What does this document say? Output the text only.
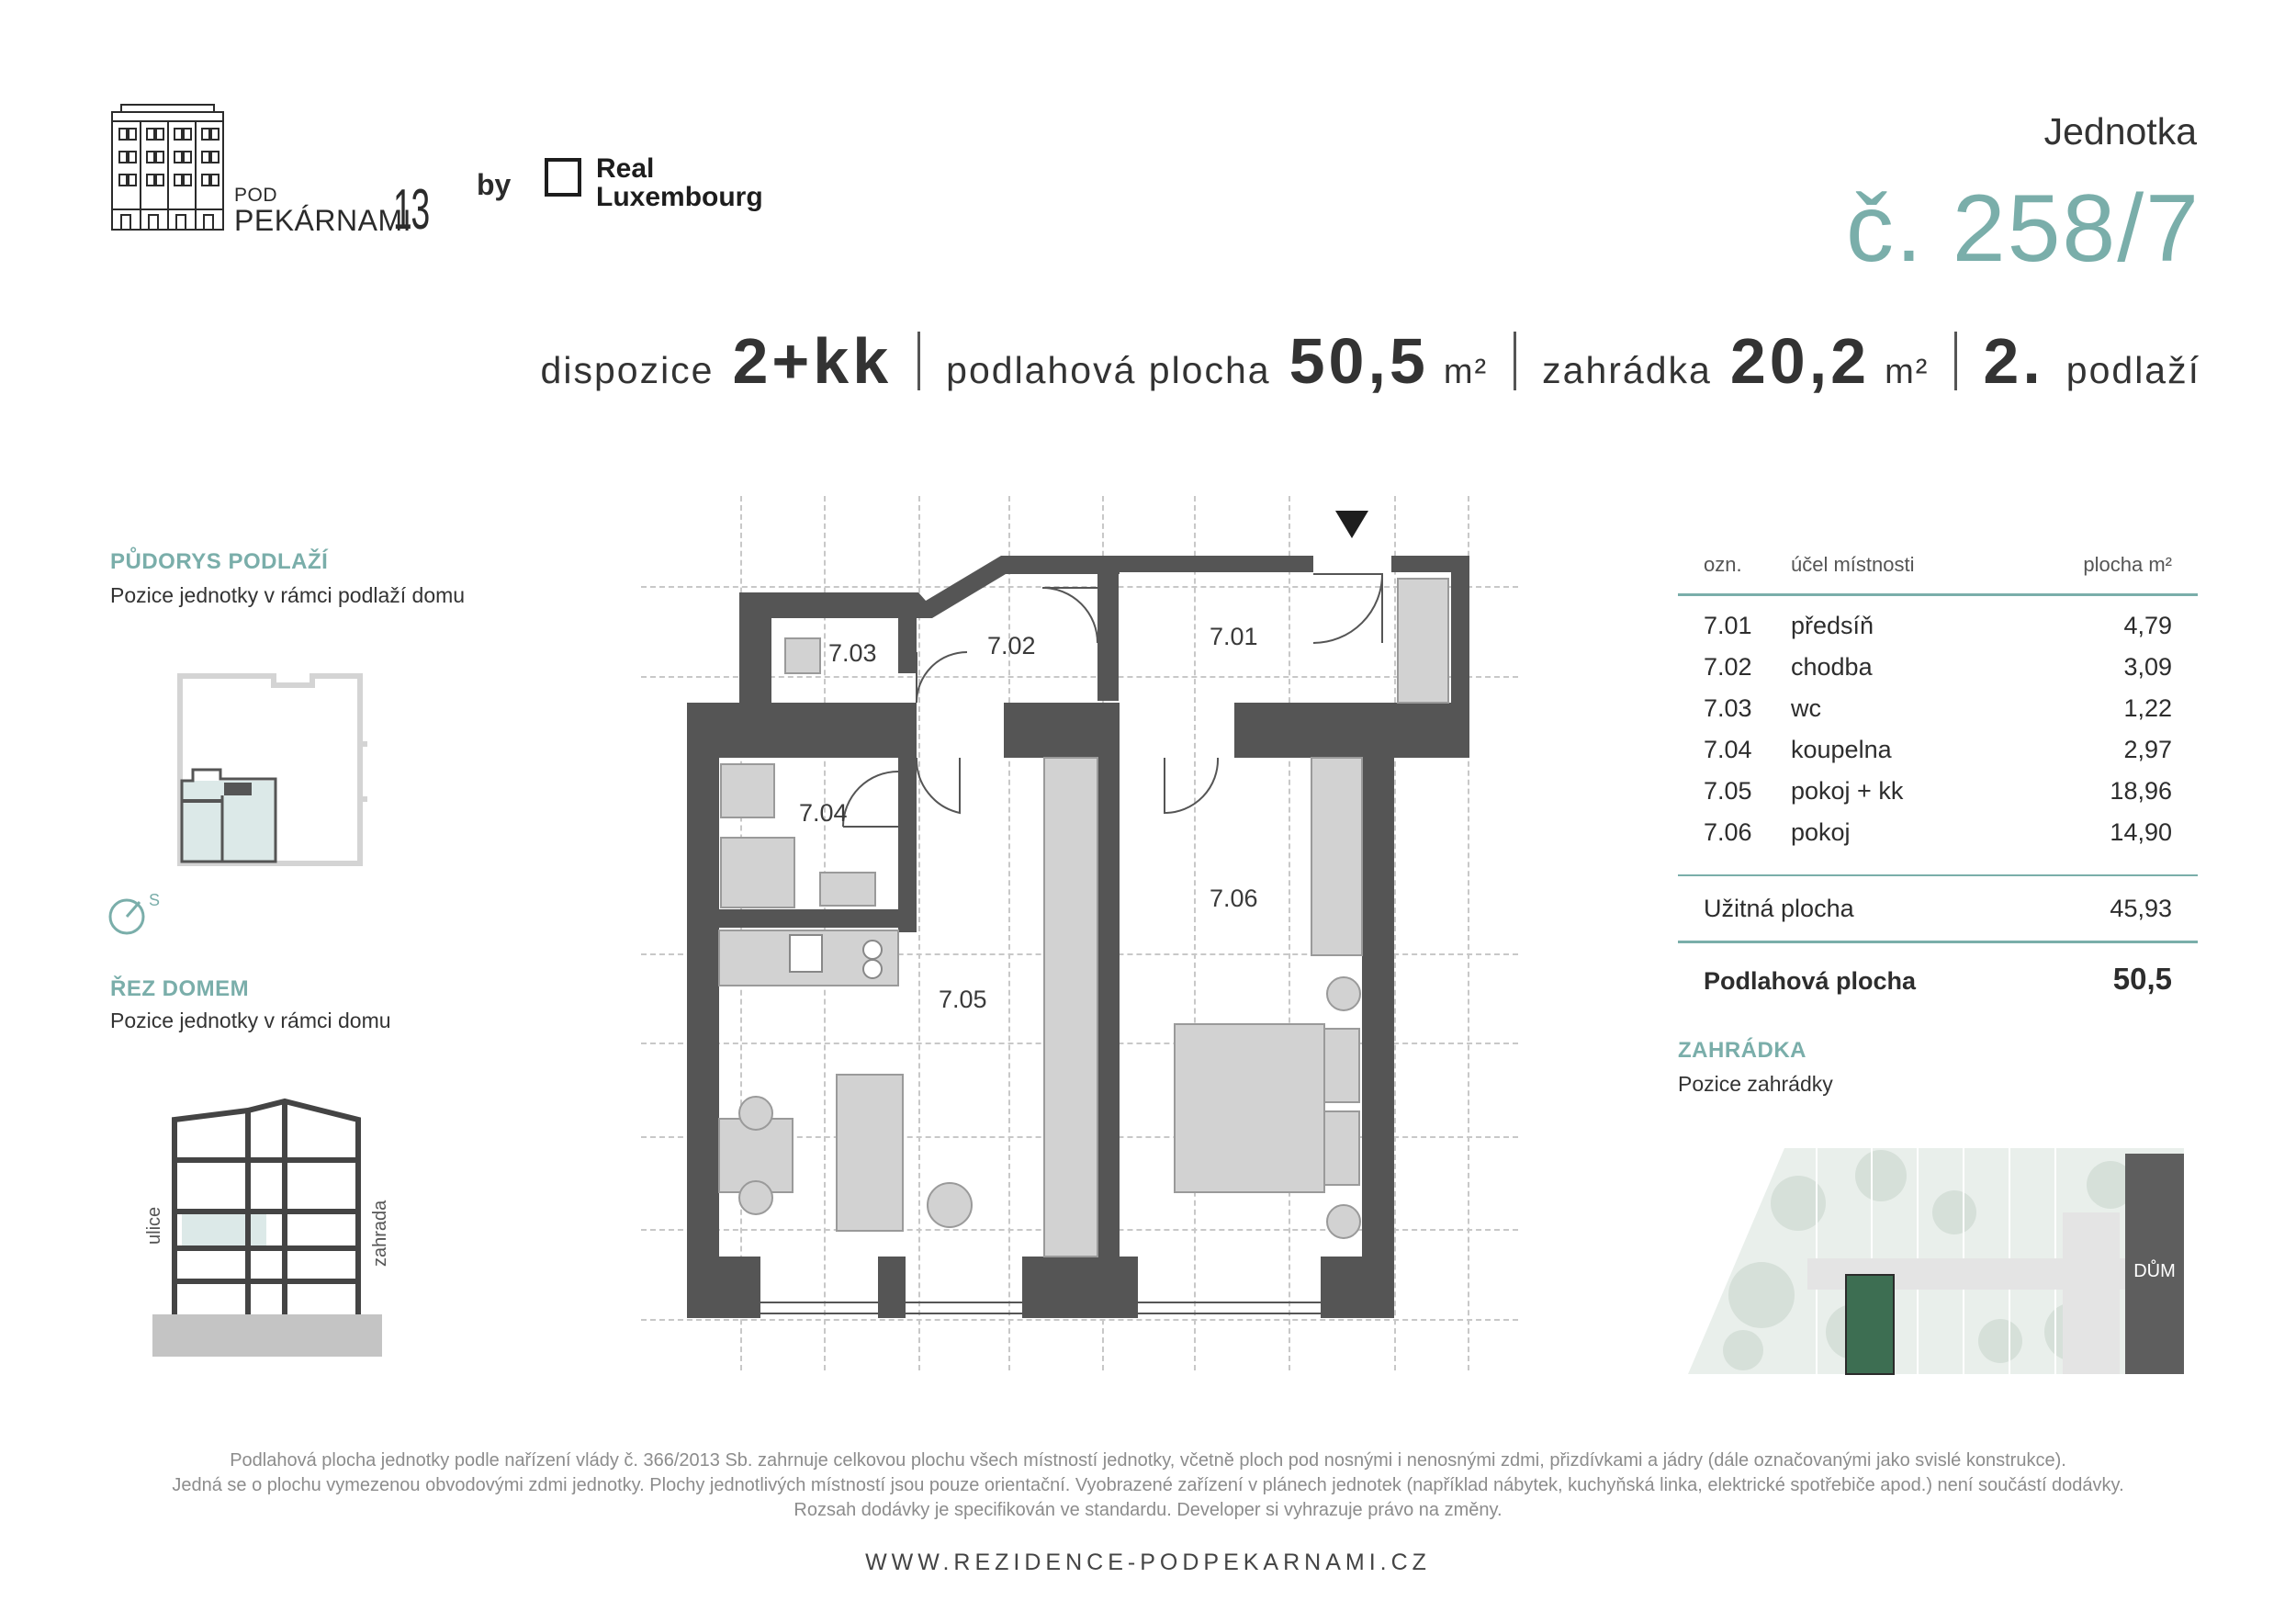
POD
PEKÁRNAMI
13 by	Real
Luxembourg
Jednotka
č. 258/7
dispozice 2+kk podlahová plocha 50,5 m² zahrádka 20,2 m² 2. podlaží
PŮDORYS PODLAŽÍ
Pozice jednotky v rámci podlaží domu
S
ŘEZ DOMEM
Pozice jednotky v rámci domu
ulice	zahrada
7.03	7.02	7.01
7.04
7.06
7.05
ozn. účel místnosti	plocha m²
7.01 předsíň	4,79
7.02 chodba	3,09
7.03 wc	1,22
7.04 koupelna	2,97
7.05 pokoj + kk	18,96
7.06 pokoj	14,90
Užitná plocha	45,93
Podlahová plocha	50,5
ZAHRÁDKA
Pozice zahrádky
DŮM
Podlahová plocha jednotky podle nařízení vlády č. 366/2013 Sb. zahrnuje celkovou plochu všech místností jednotky, včetně ploch pod nosnými i nenosnými zdmi, přizdívkami a jádry (dále označovanými jako svislé konstrukce).
Jedná se o plochu vymezenou obvodovými zdmi jednotky. Plochy jednotlivých místností jsou pouze orientační. Vyobrazené zařízení v plánech jednotek (například nábytek, kuchyňská linka, elektrické spotřebiče apod.) není součástí dodávky.
Rozsah dodávky je specifikován ve standardu. Developer si vyhrazuje právo na změny.
WWW.REZIDENCE-PODPEKARNAMI.CZ
